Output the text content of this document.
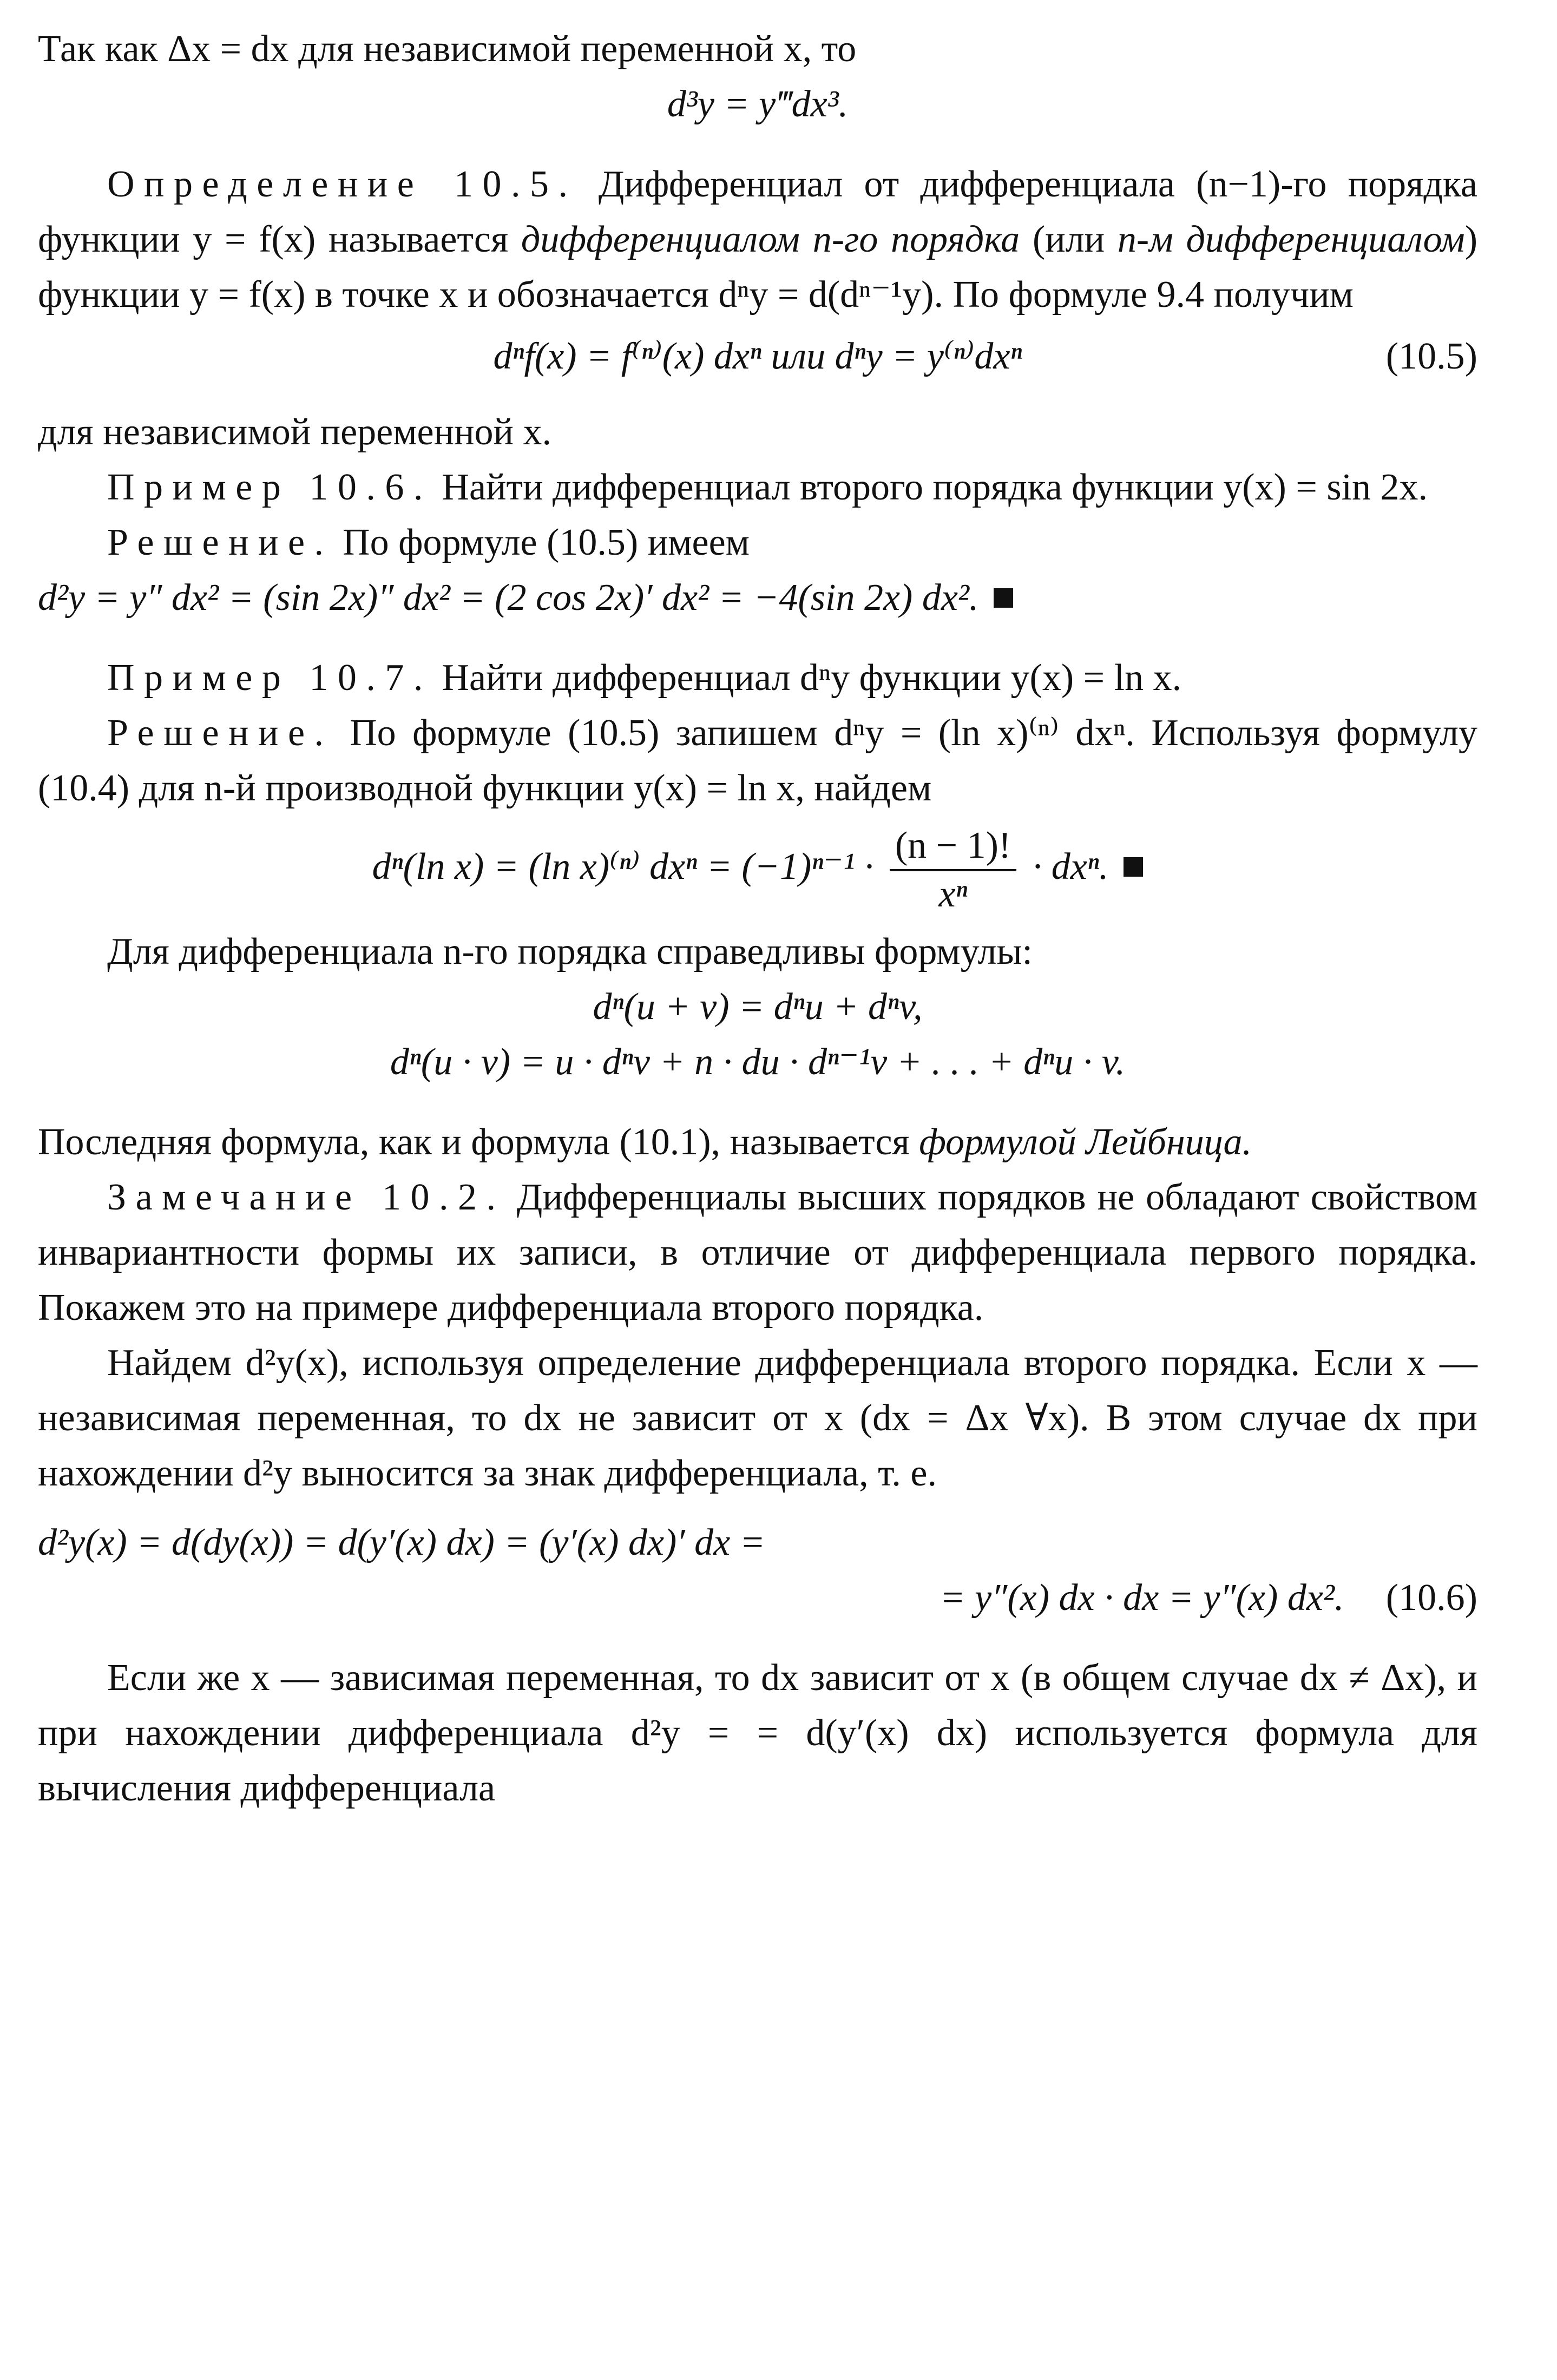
Так как Δx = dx для независимой переменной x, то

d³y = y‴dx³.

Определение 10.5. Дифференциал от дифференциала (n−1)-го порядка функции y = f(x) называется дифференциалом n-го порядка (или n-м дифференциалом) функции y = f(x) в точке x и обозначается dⁿy = d(dⁿ⁻¹y). По формуле 9.4 получим

dⁿf(x) = f⁽ⁿ⁾(x) dxⁿ или dⁿy = y⁽ⁿ⁾dxⁿ	(10.5)

для независимой переменной x.

Пример 10.6. Найти дифференциал второго порядка функции y(x) = sin 2x.

Решение. По формуле (10.5) имеем

d²y = y″ dx² = (sin 2x)″ dx² = (2 cos 2x)′ dx² = −4(sin 2x) dx².

Пример 10.7. Найти дифференциал dⁿy функции y(x) = ln x.

Решение. По формуле (10.5) запишем dⁿy = (ln x)⁽ⁿ⁾ dxⁿ. Используя формулу (10.4) для n-й производной функции y(x) = ln x, найдем

dⁿ(ln x) = (ln x)⁽ⁿ⁾ $dx^n = (-1)^{n-1} \cdot \frac{(n - 1)!}{\text{xⁿ}} \cdot dx^n$.

Для дифференциала n-го порядка справедливы формулы:

dⁿ(u + v) = dⁿu + dⁿv,

dⁿ(u · v) = u · dⁿv + n · du · dⁿ⁻¹v + . . . + dⁿu · v.

Последняя формула, как и формула (10.1), называется формулой Лейбница.

Замечание 10.2. Дифференциалы высших порядков не обладают свойством инвариантности формы их записи, в отличие от дифференциала первого порядка. Покажем это на примере дифференциала второго порядка.

Найдем d²y(x), используя определение дифференциала второго порядка. Если x — независимая переменная, то dx не зависит от x (dx = Δx ∀x). В этом случае dx при нахождении d²y выносится за знак дифференциала, т. е.

d²y(x) = d(dy(x)) = d(y′(x) dx) = (y′(x) dx)′ dx =

= y″(x) dx · dx = y″(x) dx². (10.6)

Если же x — зависимая переменная, то dx зависит от x (в общем случае dx ≠ Δx), и при нахождении дифференциала d²y = = d(y′(x) dx) используется формула для вычисления дифференциала
